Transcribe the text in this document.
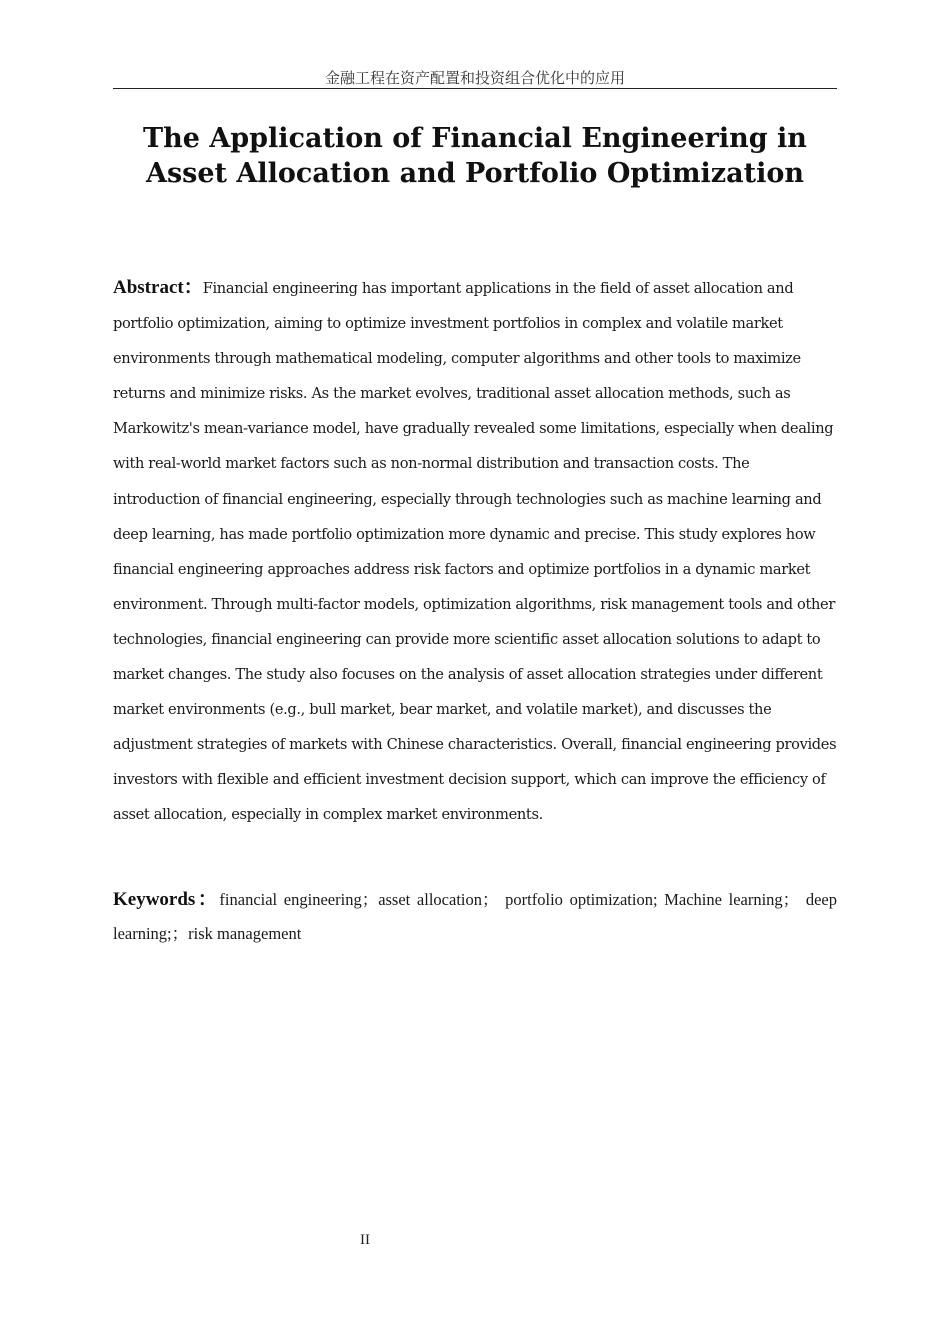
金融工程在资产配置和投资组合优化中的应用
The Application of Financial Engineering in Asset Allocation and Portfolio Optimization

Abstract：Financial engineering has important applications in the field of asset allocation and portfolio optimization, aiming to optimize investment portfolios in complex and volatile market environments through mathematical modeling, computer algorithms and other tools to maximize returns and minimize risks. As the market evolves, traditional asset allocation methods, such as Markowitz's mean-variance model, have gradually revealed some limitations, especially when dealing with real-world market factors such as non-normal distribution and transaction costs. The introduction of financial engineering, especially through technologies such as machine learning and deep learning, has made portfolio optimization more dynamic and precise. This study explores how financial engineering approaches address risk factors and optimize portfolios in a dynamic market environment. Through multi-factor models, optimization algorithms, risk management tools and other technologies, financial engineering can provide more scientific asset allocation solutions to adapt to market changes. The study also focuses on the analysis of asset allocation strategies under different market environments (e.g., bull market, bear market, and volatile market), and discusses the adjustment strategies of markets with Chinese characteristics. Overall, financial engineering provides investors with flexible and efficient investment decision support, which can improve the efficiency of asset allocation, especially in complex market environments.

Keywords：financial engineering；asset allocation； portfolio optimization; Machine learning； deep learning;；risk management

II
